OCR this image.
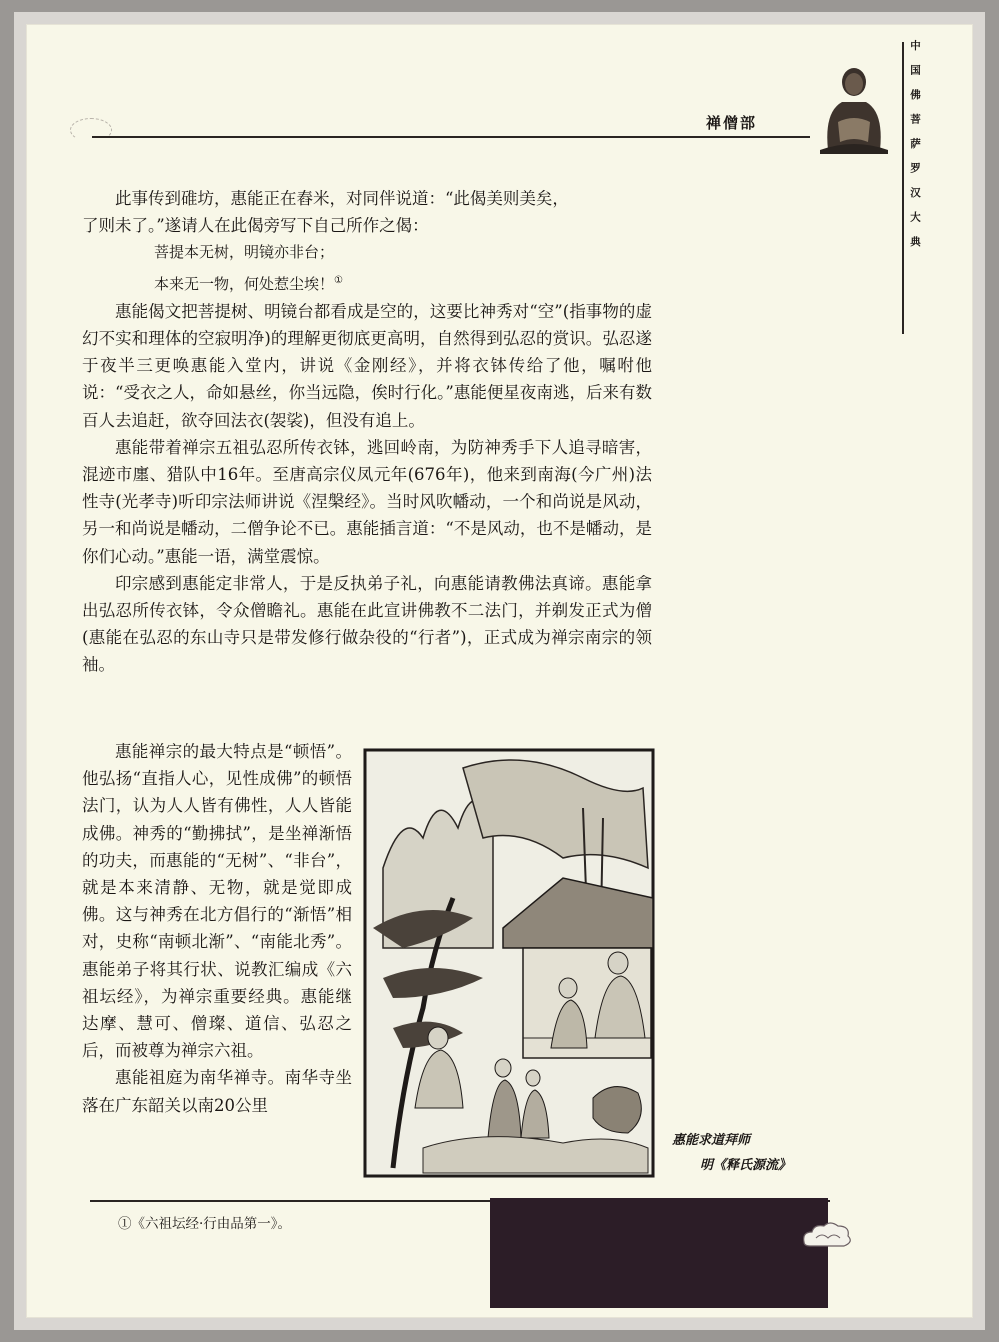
禅僧部	中国佛菩萨罗汉大典

此事传到碓坊，惠能正在舂米，对同伴说道：“此偈美则美矣，

了则未了。”遂请人在此偈旁写下自己所作之偈：

菩提本无树，明镜亦非台；
本来无一物，何处惹尘埃！①

惠能偈文把菩提树、明镜台都看成是空的，这要比神秀对“空”(指事物的虚幻不实和理体的空寂明净)的理解更彻底更高明，自然得到弘忍的赏识。弘忍遂于夜半三更唤惠能入堂内，讲说《金刚经》，并将衣钵传给了他，嘱咐他说：“受衣之人，命如悬丝，你当远隐，俟时行化。”惠能便星夜南逃，后来有数百人去追赶，欲夺回法衣(袈裟)，但没有追上。

惠能带着禅宗五祖弘忍所传衣钵，逃回岭南，为防神秀手下人追寻暗害，混迹市廛、猎队中16年。至唐高宗仪凤元年(676年)，他来到南海(今广州)法性寺(光孝寺)听印宗法师讲说《涅槃经》。当时风吹幡动，一个和尚说是风动，另一和尚说是幡动，二僧争论不已。惠能插言道：“不是风动，也不是幡动，是你们心动。”惠能一语，满堂震惊。

印宗感到惠能定非常人，于是反执弟子礼，向惠能请教佛法真谛。惠能拿出弘忍所传衣钵，令众僧瞻礼。惠能在此宣讲佛教不二法门，并剃发正式为僧(惠能在弘忍的东山寺只是带发修行做杂役的“行者”)，正式成为禅宗南宗的领袖。

惠能禅宗的最大特点是“顿悟”。他弘扬“直指人心，见性成佛”的顿悟法门，认为人人皆有佛性，人人皆能成佛。神秀的“勤拂拭”，是坐禅渐悟的功夫，而惠能的“无树”、“非台”，就是本来清静、无物，就是觉即成佛。这与神秀在北方倡行的“渐悟”相对，史称“南顿北渐”、“南能北秀”。惠能弟子将其行状、说教汇编成《六祖坛经》，为禅宗重要经典。惠能继达摩、慧可、僧璨、道信、弘忍之后，而被尊为禅宗六祖。

惠能祖庭为南华禅寺。南华寺坐落在广东韶关以南20公里

惠能求道拜师
明《释氏源流》
①《六祖坛经·行由品第一》。
